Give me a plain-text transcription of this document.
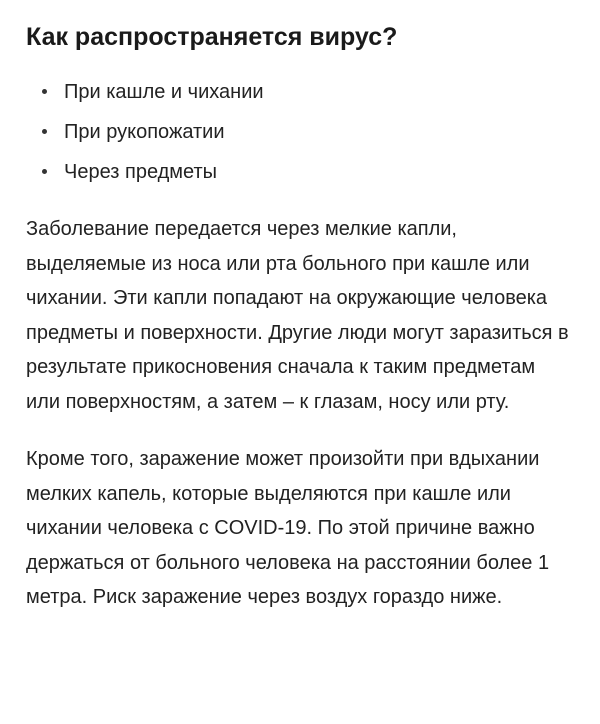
Как распространяется вирус?
При кашле и чихании
При рукопожатии
Через предметы

Заболевание передается через мелкие капли, выделяемые из носа или рта больного при кашле или чихании. Эти капли попадают на окружающие человека предметы и поверхности. Другие люди могут заразиться в результате прикосновения сначала к таким предметам или поверхностям, а затем – к глазам, носу или рту.

Кроме того, заражение может произойти при вдыхании мелких капель, которые выделяются при кашле или чихании человека с COVID-19. По этой причине важно держаться от больного человека на расстоянии более 1 метра. Риск заражение через воздух гораздо ниже.
